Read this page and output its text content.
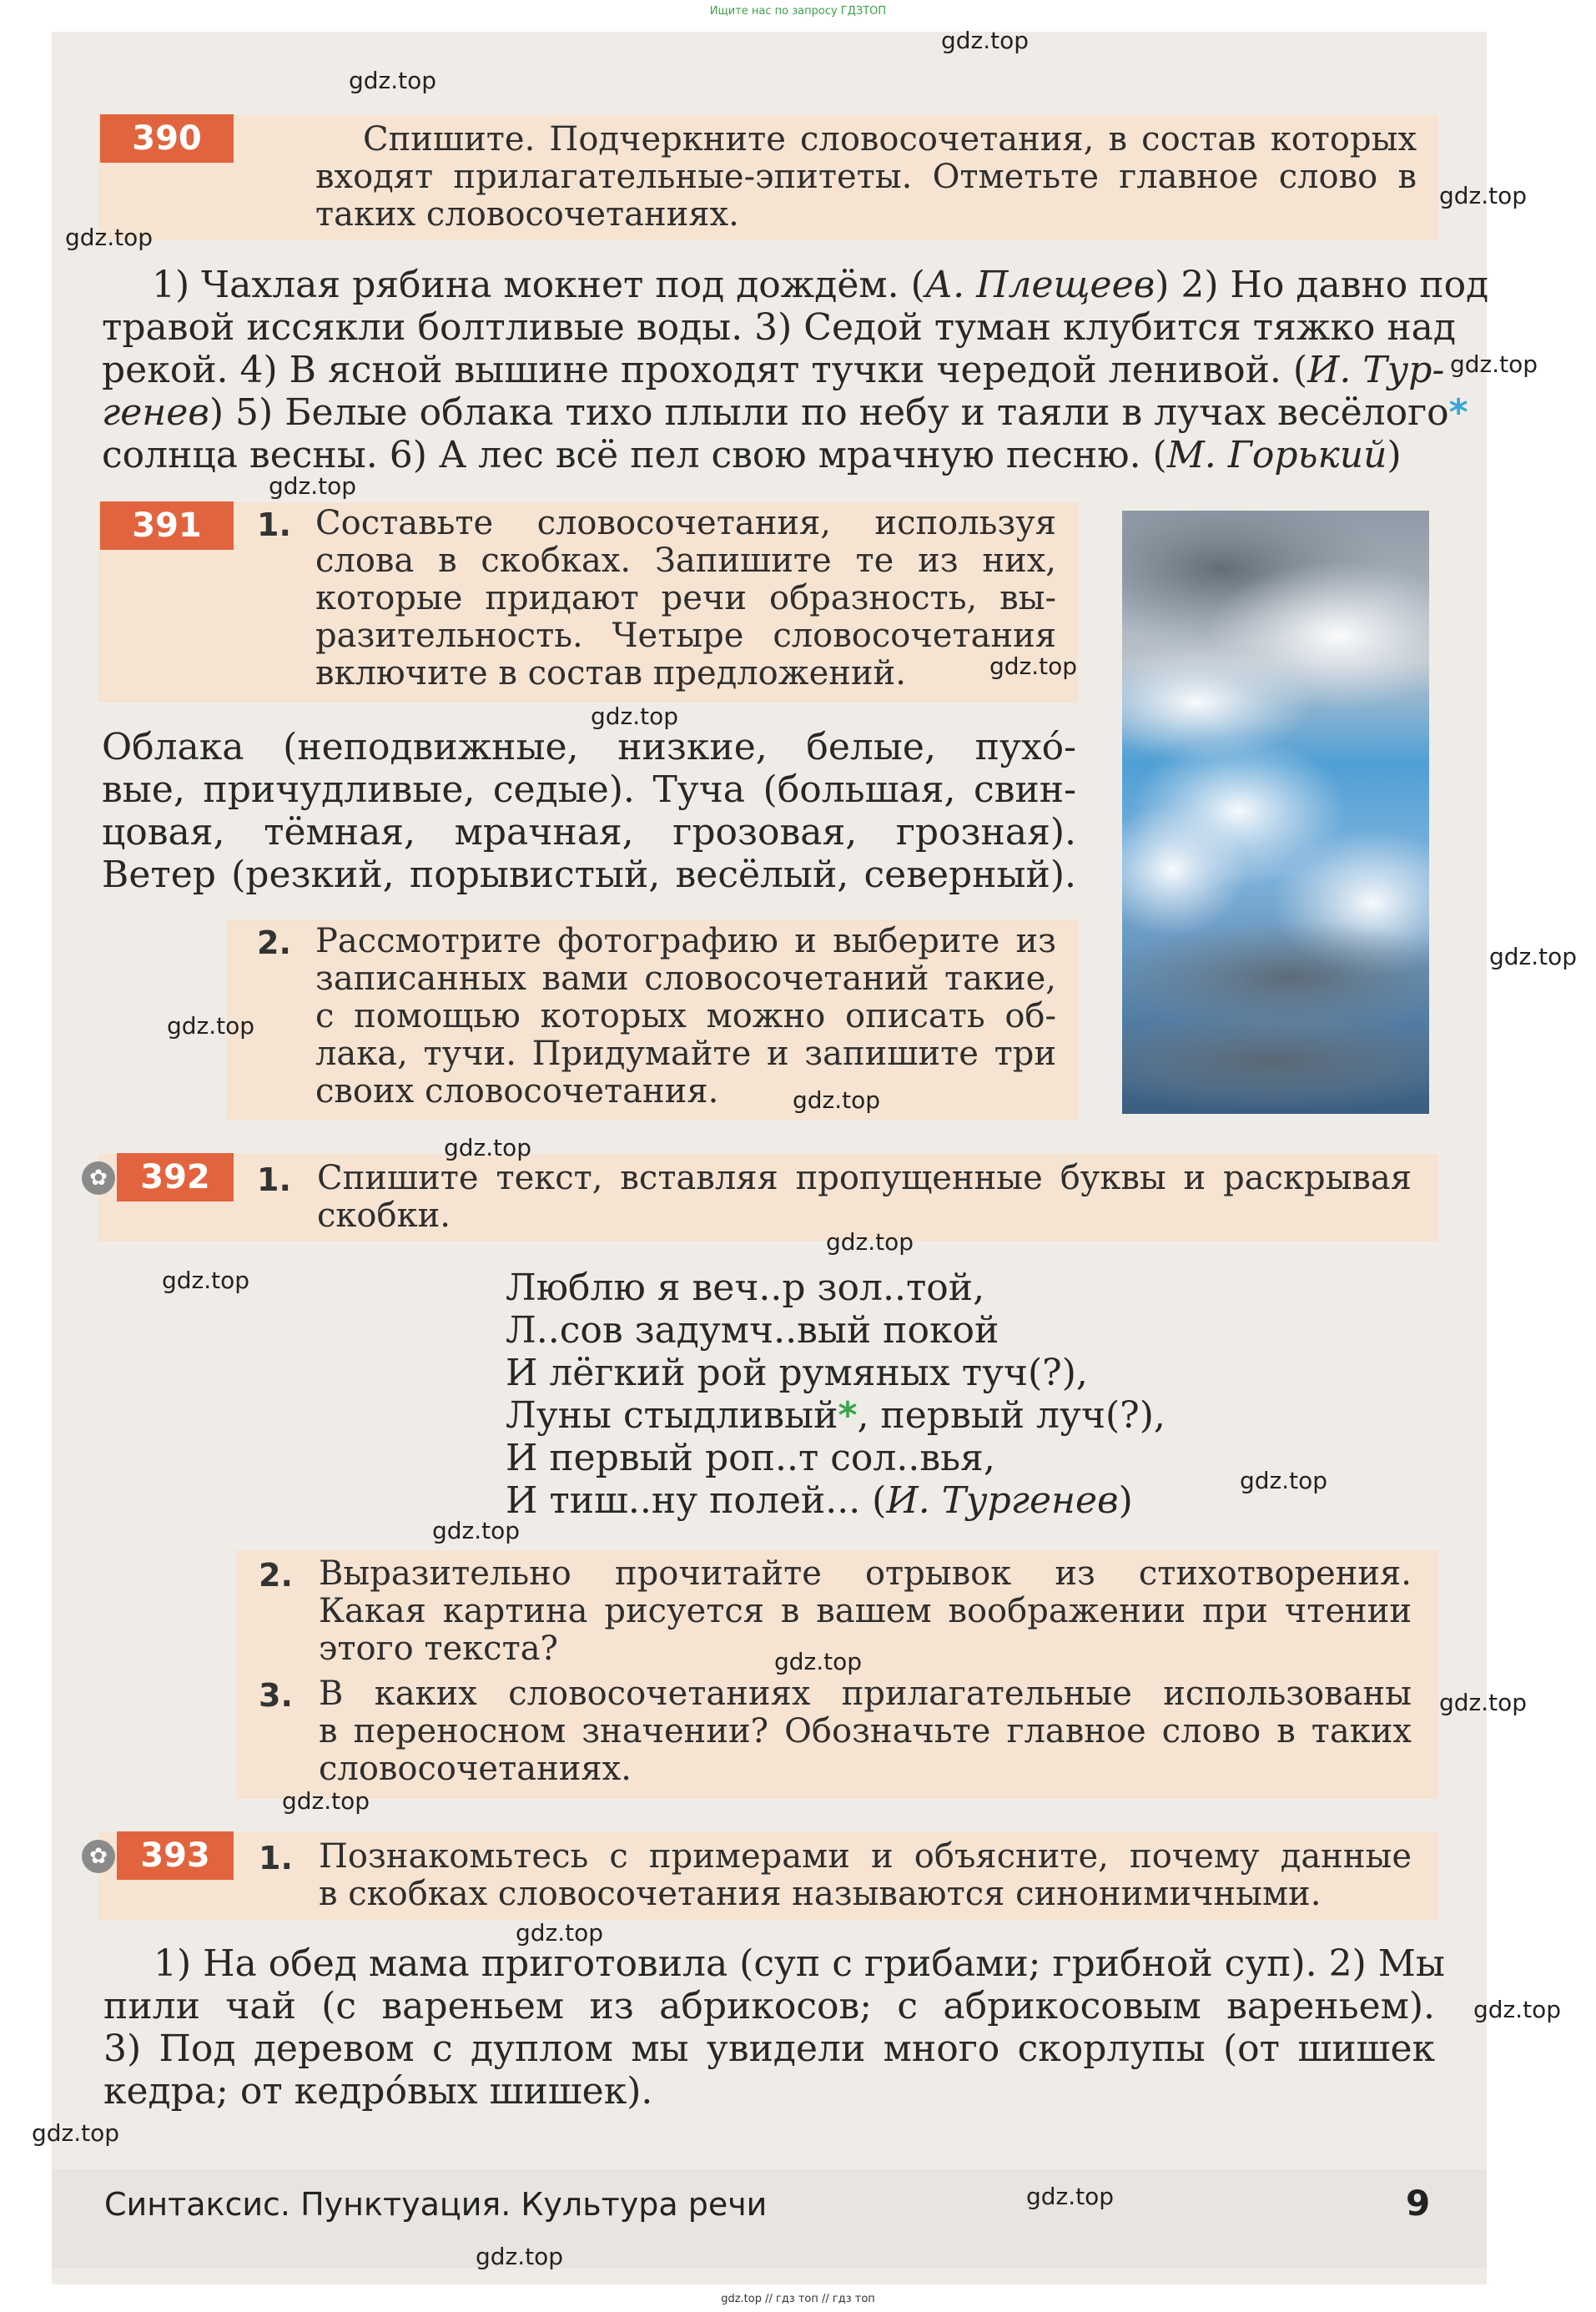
Ищите нас по запросу ГДЗТОП
390	Спишите. Подчеркните словосочетания, в состав которых
входят прилагательные-эпитеты. Отметьте главное слово в
таких словосочетаниях.
1) Чахлая рябина мокнет под дождём. (А. Плещеев) 2) Но давно под
травой иссякли болтливые воды. 3) Седой туман клубится тяжко над
рекой. 4) В ясной вышине проходят тучки чередой ленивой. (И. Тур-
генев) 5) Белые облака тихо плыли по небу и таяли в лучах весёлого*
солнца весны. 6) А лес всё пел свою мрачную песню. (М. Горький)
391	1. Составьте словосочетания, используя
слова в скобках. Запишите те из них,
которые придают речи образность, вы-
разительность. Четыре словосочетания
включите в состав предложений.
Облака (неподвижные, низкие, белые, пухо́-
вые, причудливые, седые). Туча (большая, свин-
цовая, тёмная, мрачная, грозовая, грозная).
Ветер (резкий, порывистый, весёлый, северный).
2. Рассмотрите фотографию и выберите из
записанных вами словосочетаний такие,
с помощью которых можно описать об-
лака, тучи. Придумайте и запишите три
своих словосочетания.
✿ 392	1. Спишите текст, вставляя пропущенные буквы и раскрывая
скобки.
Люблю я веч..р зол..той,
Л..сов задумч..вый покой
И лёгкий рой румяных туч(?),
Луны стыдливый*, первый луч(?),
И первый роп..т сол..вья,
И тиш..ну полей... (И. Тургенев)
2. Выразительно прочитайте отрывок из стихотворения.
Какая картина рисуется в вашем воображении при чтении
этого текста?
3. В каких словосочетаниях прилагательные использованы
в переносном значении? Обозначьте главное слово в таких
словосочетаниях.
✿ 393	1. Познакомьтесь с примерами и объясните, почему данные
в скобках словосочетания называются синонимичными.
1) На обед мама приготовила (суп с грибами; грибной суп). 2) Мы
пили чай (с вареньем из абрикосов; с абрикосовым вареньем).
3) Под деревом с дуплом мы увидели много скорлупы (от шишек
кедра; от кедро́вых шишек).
Синтаксис. Пунктуация. Культура речи	9
gdz.top // гдз топ // гдз топ
gdz.top
gdz.top
gdz.top
gdz.top
gdz.top
gdz.top
gdz.top
gdz.top
gdz.top
gdz.top
gdz.top
gdz.top
gdz.top
gdz.top
gdz.top
gdz.top
gdz.top
gdz.top
gdz.top
gdz.top
gdz.top
gdz.top
gdz.top
gdz.top
